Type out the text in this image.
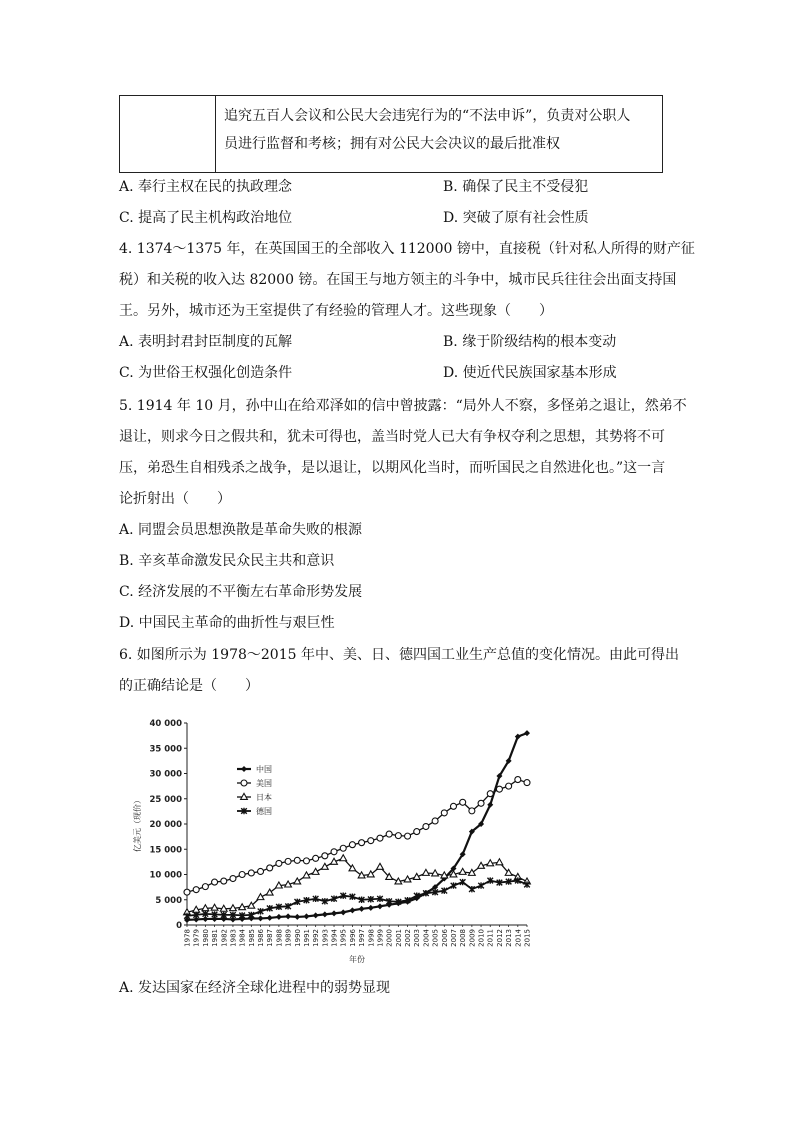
追究五百人会议和公民大会违宪行为的“不法申诉”，负责对公职人
员进行监督和考核；拥有对公民大会决议的最后批准权
A. 奉行主权在民的执政理念	B. 确保了民主不受侵犯
C. 提高了民主机构政治地位	D. 突破了原有社会性质
4. 1374～1375 年，在英国国王的全部收入 112000 镑中，直接税（针对私人所得的财产征
税）和关税的收入达 82000 镑。在国王与地方领主的斗争中，城市民兵往往会出面支持国
王。另外，城市还为王室提供了有经验的管理人才。这些现象（　　）
A. 表明封君封臣制度的瓦解	B. 缘于阶级结构的根本变动
C. 为世俗王权强化创造条件	D. 使近代民族国家基本形成
5. 1914 年 10 月，孙中山在给邓泽如的信中曾披露：“局外人不察，多怪弟之退让，然弟不
退让，则求今日之假共和，犹未可得也，盖当时党人已大有争权夺利之思想，其势将不可
压，弟恐生自相残杀之战争，是以退让，以期风化当时，而听国民之自然进化也。”这一言
论折射出（　　）
A. 同盟会员思想涣散是革命失败的根源
B. 辛亥革命激发民众民主共和意识
C. 经济发展的不平衡左右革命形势发展
D. 中国民主革命的曲折性与艰巨性
6. 如图所示为 1978～2015 年中、美、日、德四国工业生产总值的变化情况。由此可得出
的正确结论是（　　）
0
5 000
10 000
15 000
20 000
25 000
30 000
35 000
40 000
1978 1979 1980 1981 1982 1983 1984 1985 1986 1987 1988 1989 1990 1991 1992 1993 1994 1995 1996 1997 1998 1999 2000 2001 2002 2003 2004 2005 2006 2007 2008 2009 2010 2011 2012 2013 2014 2015
年份
亿美元（现价）
中国
美国
日本
德国
A. 发达国家在经济全球化进程中的弱势显现
